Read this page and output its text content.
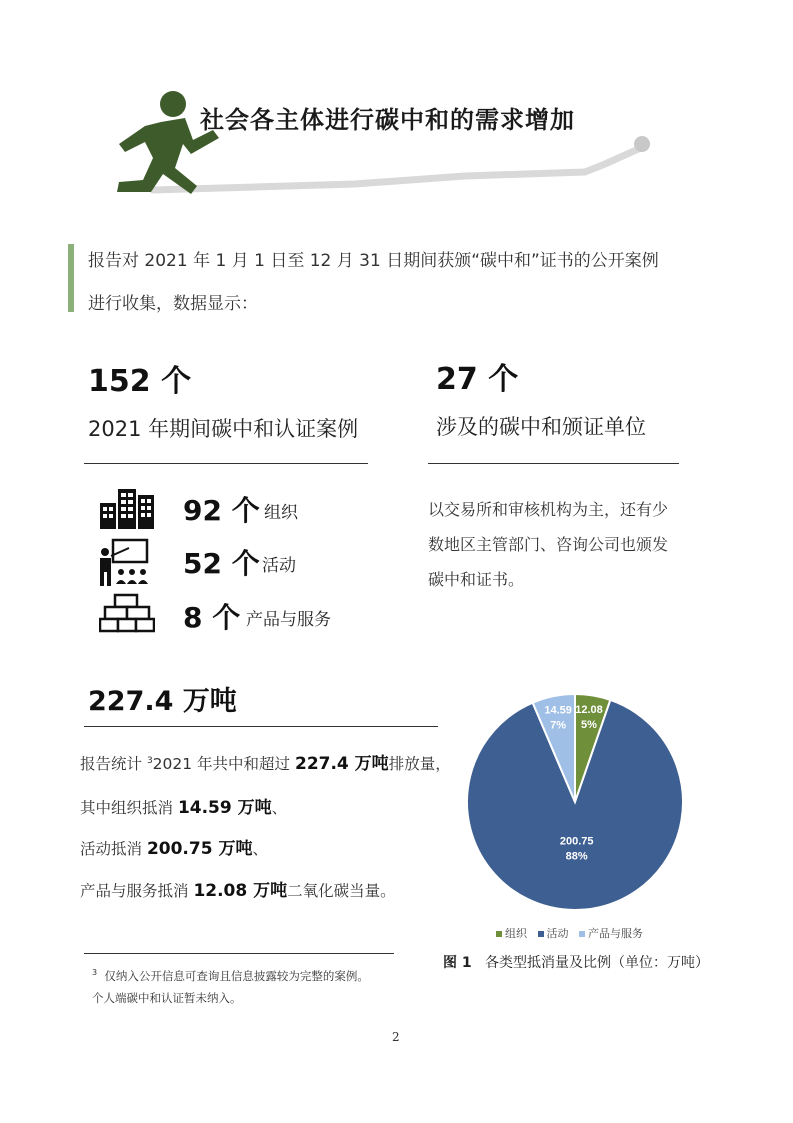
社会各主体进行碳中和的需求增加
报告对 2021 年 1 月 1 日至 12 月 31 日期间获颁“碳中和”证书的公开案例
进行收集，数据显示：
152 个
2021 年期间碳中和认证案例
27 个
涉及的碳中和颁证单位
92 个 组织
52 个 活动
8 个 产品与服务
以交易所和审核机构为主，还有少
数地区主管部门、咨询公司也颁发
碳中和证书。
227.4 万吨
报告统计 $^3$2021 年共中和超过 227.4 万吨排放量，
其中组织抵消 14.59 万吨、
活动抵消 200.75 万吨、
产品与服务抵消 12.08 万吨二氧化碳当量。
$^3$ 仅纳入公开信息可查询且信息披露较为完整的案例。
个人端碳中和认证暂未纳入。
12.08
5%
200.75
88%
14.59
7%
组织 活动 产品与服务
图 1 各类型抵消量及比例（单位：万吨）
2
